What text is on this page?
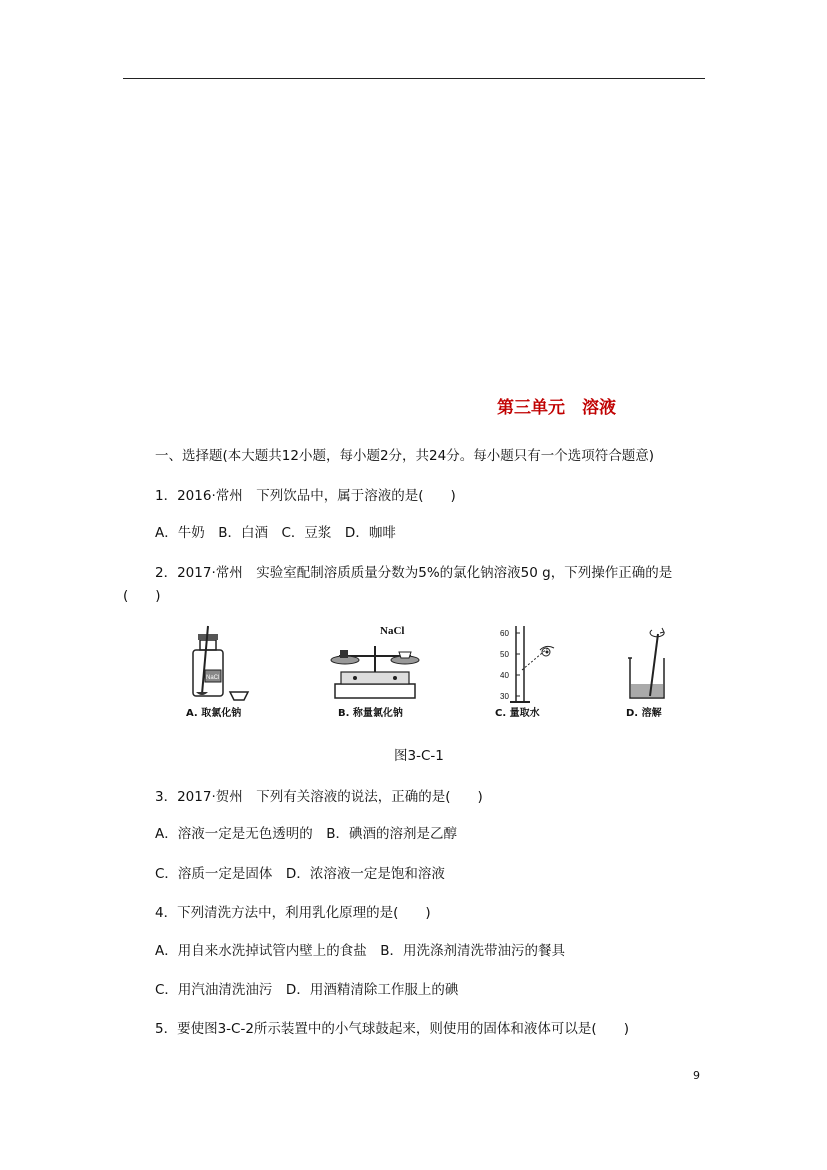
第三单元　溶液
一、选择题(本大题共12小题，每小题2分，共24分。每小题只有一个选项符合题意)
1．2016·常州　下列饮品中，属于溶液的是(　　)
A．牛奶　B．白酒　C．豆浆　D．咖啡
2．2017·常州　实验室配制溶质质量分数为5%的氯化钠溶液50 g，下列操作正确的是
(　　)
NaCl
A. 取氯化钠
NaCl
B. 称量氯化钠
60
50
40
30
C. 量取水	D. 溶解
图3-C-1
3．2017·贺州　下列有关溶液的说法，正确的是(　　)
A．溶液一定是无色透明的　B．碘酒的溶剂是乙醇
C．溶质一定是固体　D．浓溶液一定是饱和溶液
4．下列清洗方法中，利用乳化原理的是(　　)
A．用自来水洗掉试管内壁上的食盐　B．用洗涤剂清洗带油污的餐具
C．用汽油清洗油污　D．用酒精清除工作服上的碘
5．要使图3-C-2所示装置中的小气球鼓起来，则使用的固体和液体可以是(　　)
9
